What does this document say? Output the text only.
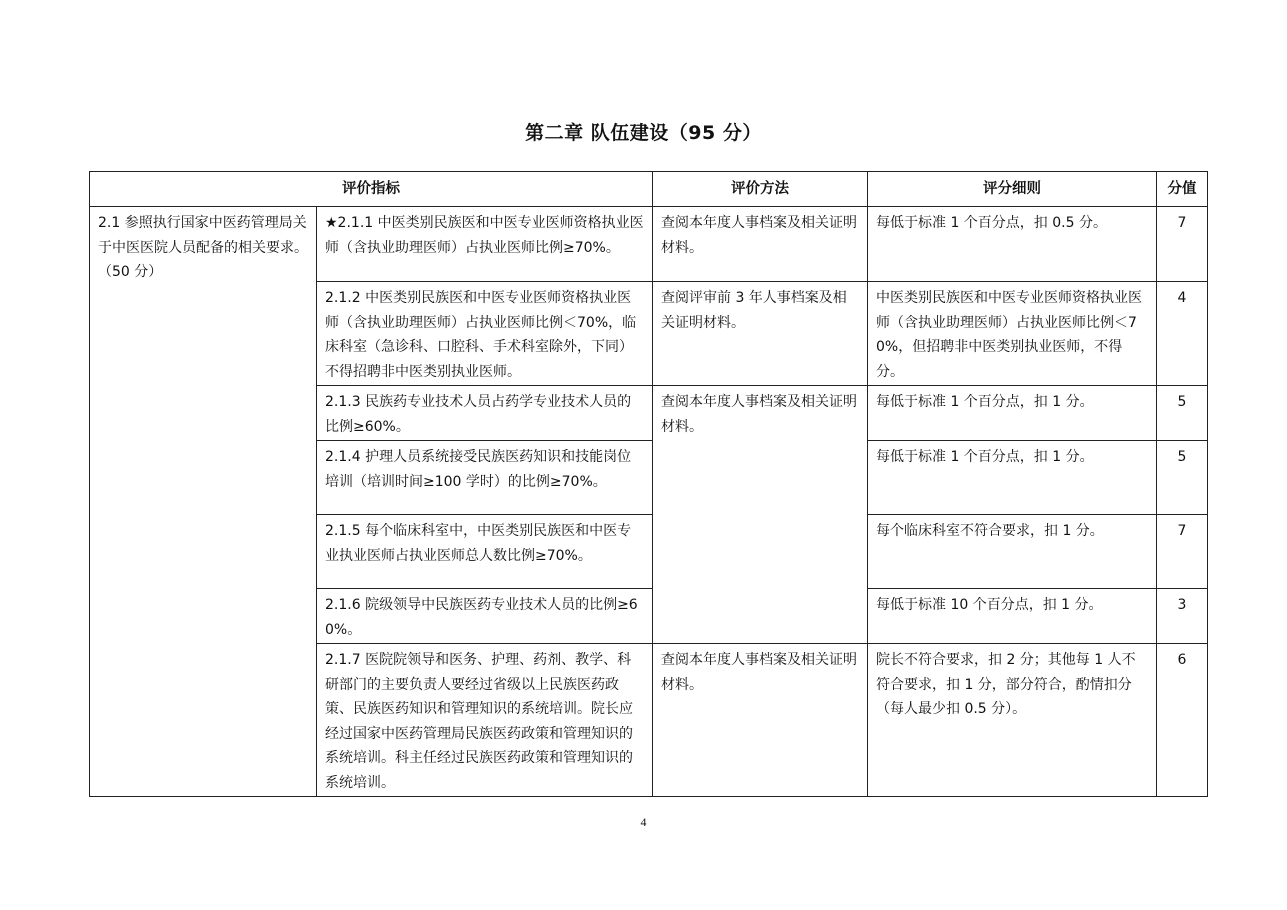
第二章 队伍建设（95 分）
评价指标		评价方法	评分细则	分值
2.1 参照执行国家中医药管理局关于中医医院人员配备的相关要求。（50 分）	★2.1.1 中医类别民族医和中医专业医师资格执业医师（含执业助理医师）占执业医师比例≥70%。	查阅本年度人事档案及相关证明材料。	每低于标准 1 个百分点，扣 0.5 分。	7
	2.1.2 中医类别民族医和中医专业医师资格执业医师（含执业助理医师）占执业医师比例＜70%，临床科室（急诊科、口腔科、手术科室除外，下同）不得招聘非中医类别执业医师。	查阅评审前 3 年人事档案及相关证明材料。	中医类别民族医和中医专业医师资格执业医师（含执业助理医师）占执业医师比例＜70%，但招聘非中医类别执业医师，不得分。	4
	2.1.3 民族药专业技术人员占药学专业技术人员的比例≥60%。	查阅本年度人事档案及相关证明材料。	每低于标准 1 个百分点，扣 1 分。	5
	2.1.4 护理人员系统接受民族医药知识和技能岗位培训（培训时间≥100 学时）的比例≥70%。		每低于标准 1 个百分点，扣 1 分。	5
	2.1.5 每个临床科室中，中医类别民族医和中医专业执业医师占执业医师总人数比例≥70%。		每个临床科室不符合要求，扣 1 分。	7
	2.1.6 院级领导中民族医药专业技术人员的比例≥60%。		每低于标准 10 个百分点，扣 1 分。	3
	2.1.7 医院院领导和医务、护理、药剂、教学、科研部门的主要负责人要经过省级以上民族医药政策、民族医药知识和管理知识的系统培训。院长应经过国家中医药管理局民族医药政策和管理知识的系统培训。科主任经过民族医药政策和管理知识的系统培训。	查阅本年度人事档案及相关证明材料。	院长不符合要求，扣 2 分；其他每 1 人不符合要求，扣 1 分，部分符合，酌情扣分（每人最少扣 0.5 分）。	6
4
